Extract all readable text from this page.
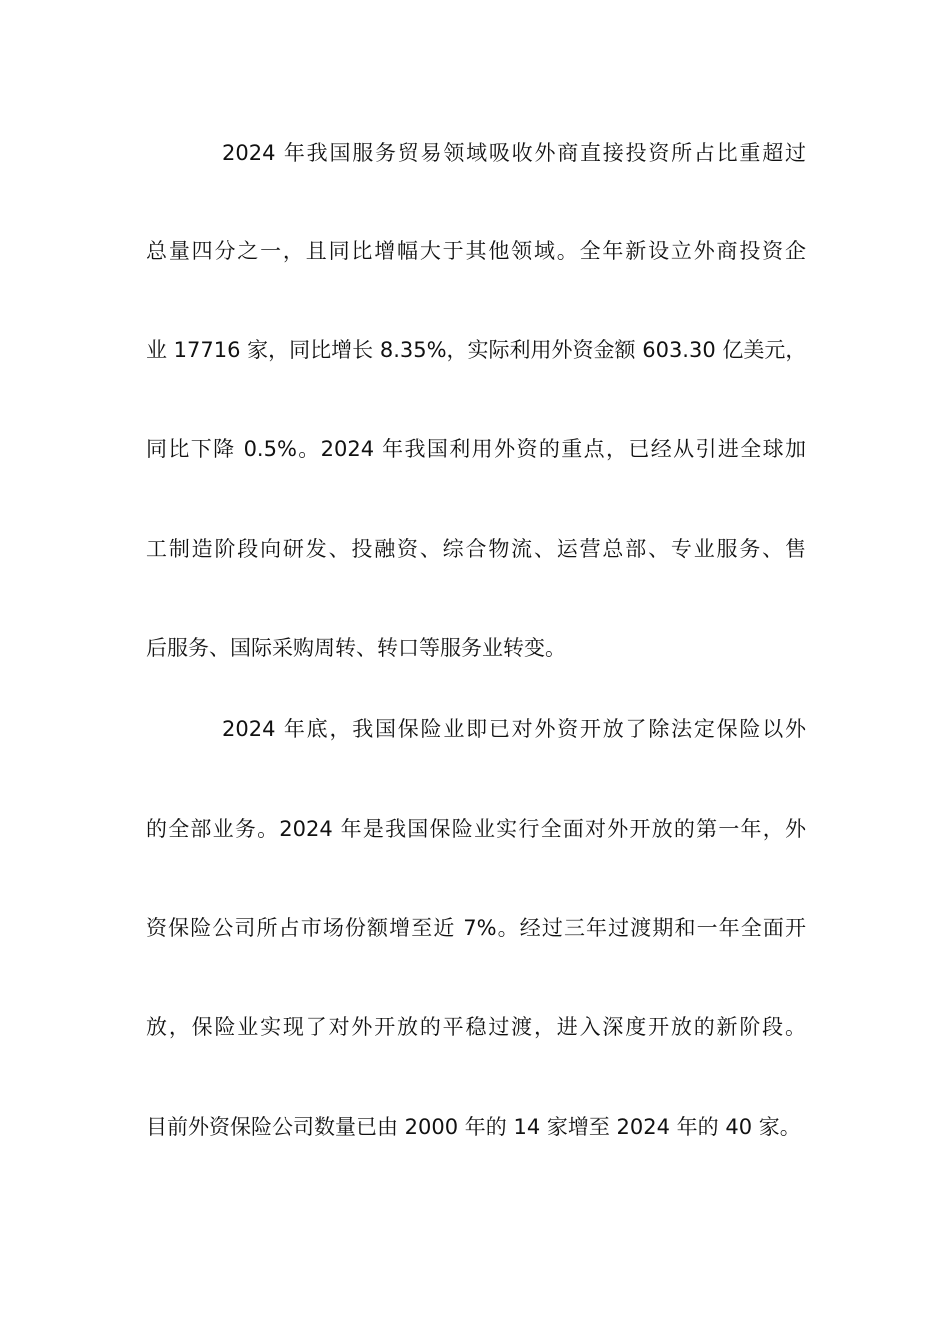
2024 年我国服务贸易领域吸收外商直接投资所占比重超过
总量四分之一，且同比增幅大于其他领域。全年新设立外商投资企
业 17716 家，同比增长 8.35%，实际利用外资金额 603.30 亿美元，
同比下降 0.5%。2024 年我国利用外资的重点，已经从引进全球加
工制造阶段向研发、投融资、综合物流、运营总部、专业服务、售
后服务、国际采购周转、转口等服务业转变。
2024 年底，我国保险业即已对外资开放了除法定保险以外
的全部业务。2024 年是我国保险业实行全面对外开放的第一年，外
资保险公司所占市场份额增至近 7%。经过三年过渡期和一年全面开
放，保险业实现了对外开放的平稳过渡，进入深度开放的新阶段。
目前外资保险公司数量已由 2000 年的 14 家增至 2024 年的 40 家。
